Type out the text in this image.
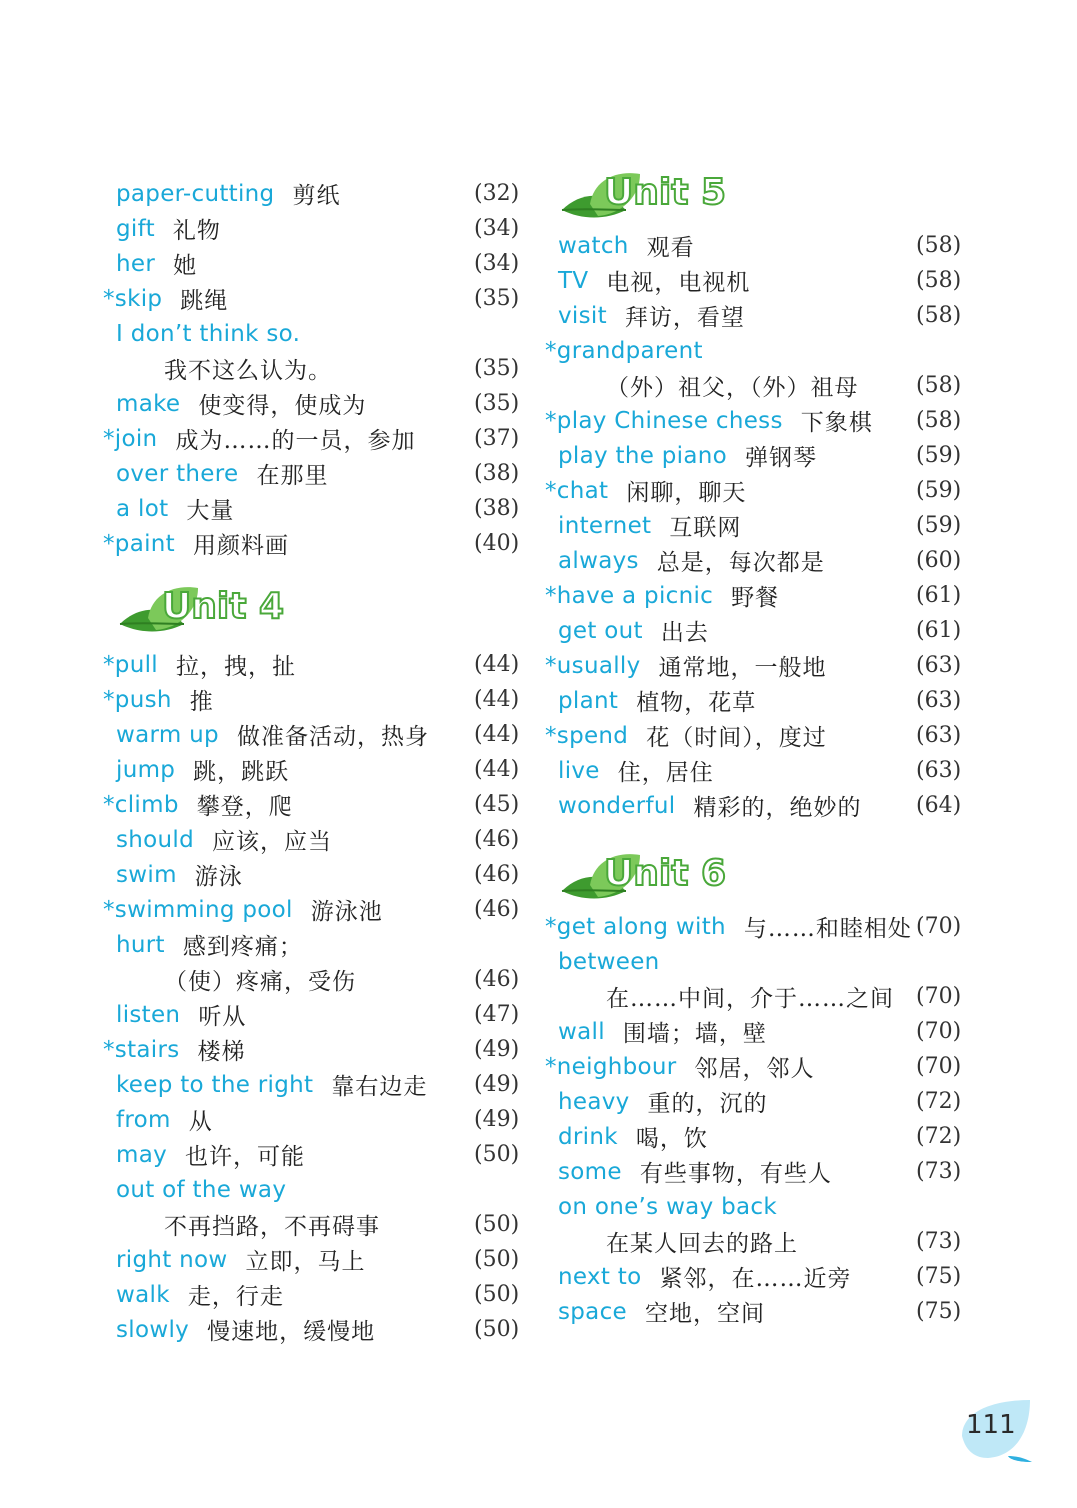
paper-cutting 剪纸	(32)
gift 礼物	(34)
her 她	(34)
*skip 跳绳	(35)
I don’t think so.
我不这么认为。	(35)
make 使变得，使成为	(35)
*join 成为……的一员，参加	(37)
over there 在那里	(38)
a lot 大量	(38)
*paint 用颜料画	(40)
Unit 4
*pull 拉，拽，扯	(44)
*push 推	(44)
warm up 做准备活动，热身 (44)
jump 跳，跳跃	(44)
*climb 攀登，爬	(45)
should 应该，应当	(46)
swim 游泳	(46)
*swimming pool 游泳池	(46)
hurt 感到疼痛；
（使）疼痛，受伤	(46)
listen 听从	(47)
*stairs 楼梯	(49)
keep to the right 靠右边走 (49)
from 从	(49)
may 也许，可能	(50)
out of the way
不再挡路，不再碍事	(50)
right now 立即，马上	(50)
walk 走，行走	(50)
slowly 慢速地，缓慢地	(50)
Unit 5
watch 观看	(58)
TV 电视，电视机	(58)
visit 拜访，看望	(58)
*grandparent
（外）祖父，（外）祖母	(58)
*play Chinese chess 下象棋 (58)
play the piano 弹钢琴	(59)
*chat 闲聊，聊天	(59)
internet 互联网	(59)
always 总是，每次都是	(60)
*have a picnic 野餐	(61)
get out 出去	(61)
*usually 通常地，一般地	(63)
plant 植物，花草	(63)
*spend 花（时间），度过	(63)
live 住，居住	(63)
wonderful 精彩的，绝妙的 (64)
Unit 6
*get along with 与……和睦相处 (70)
between
在……中间，介于……之间 (70)
wall 围墙；墙，壁	(70)
*neighbour 邻居，邻人	(70)
heavy 重的，沉的	(72)
drink 喝，饮	(72)
some 有些事物，有些人	(73)
on one’s way back
在某人回去的路上	(73)
next to 紧邻，在……近旁	(75)
space 空地，空间	(75)
111
